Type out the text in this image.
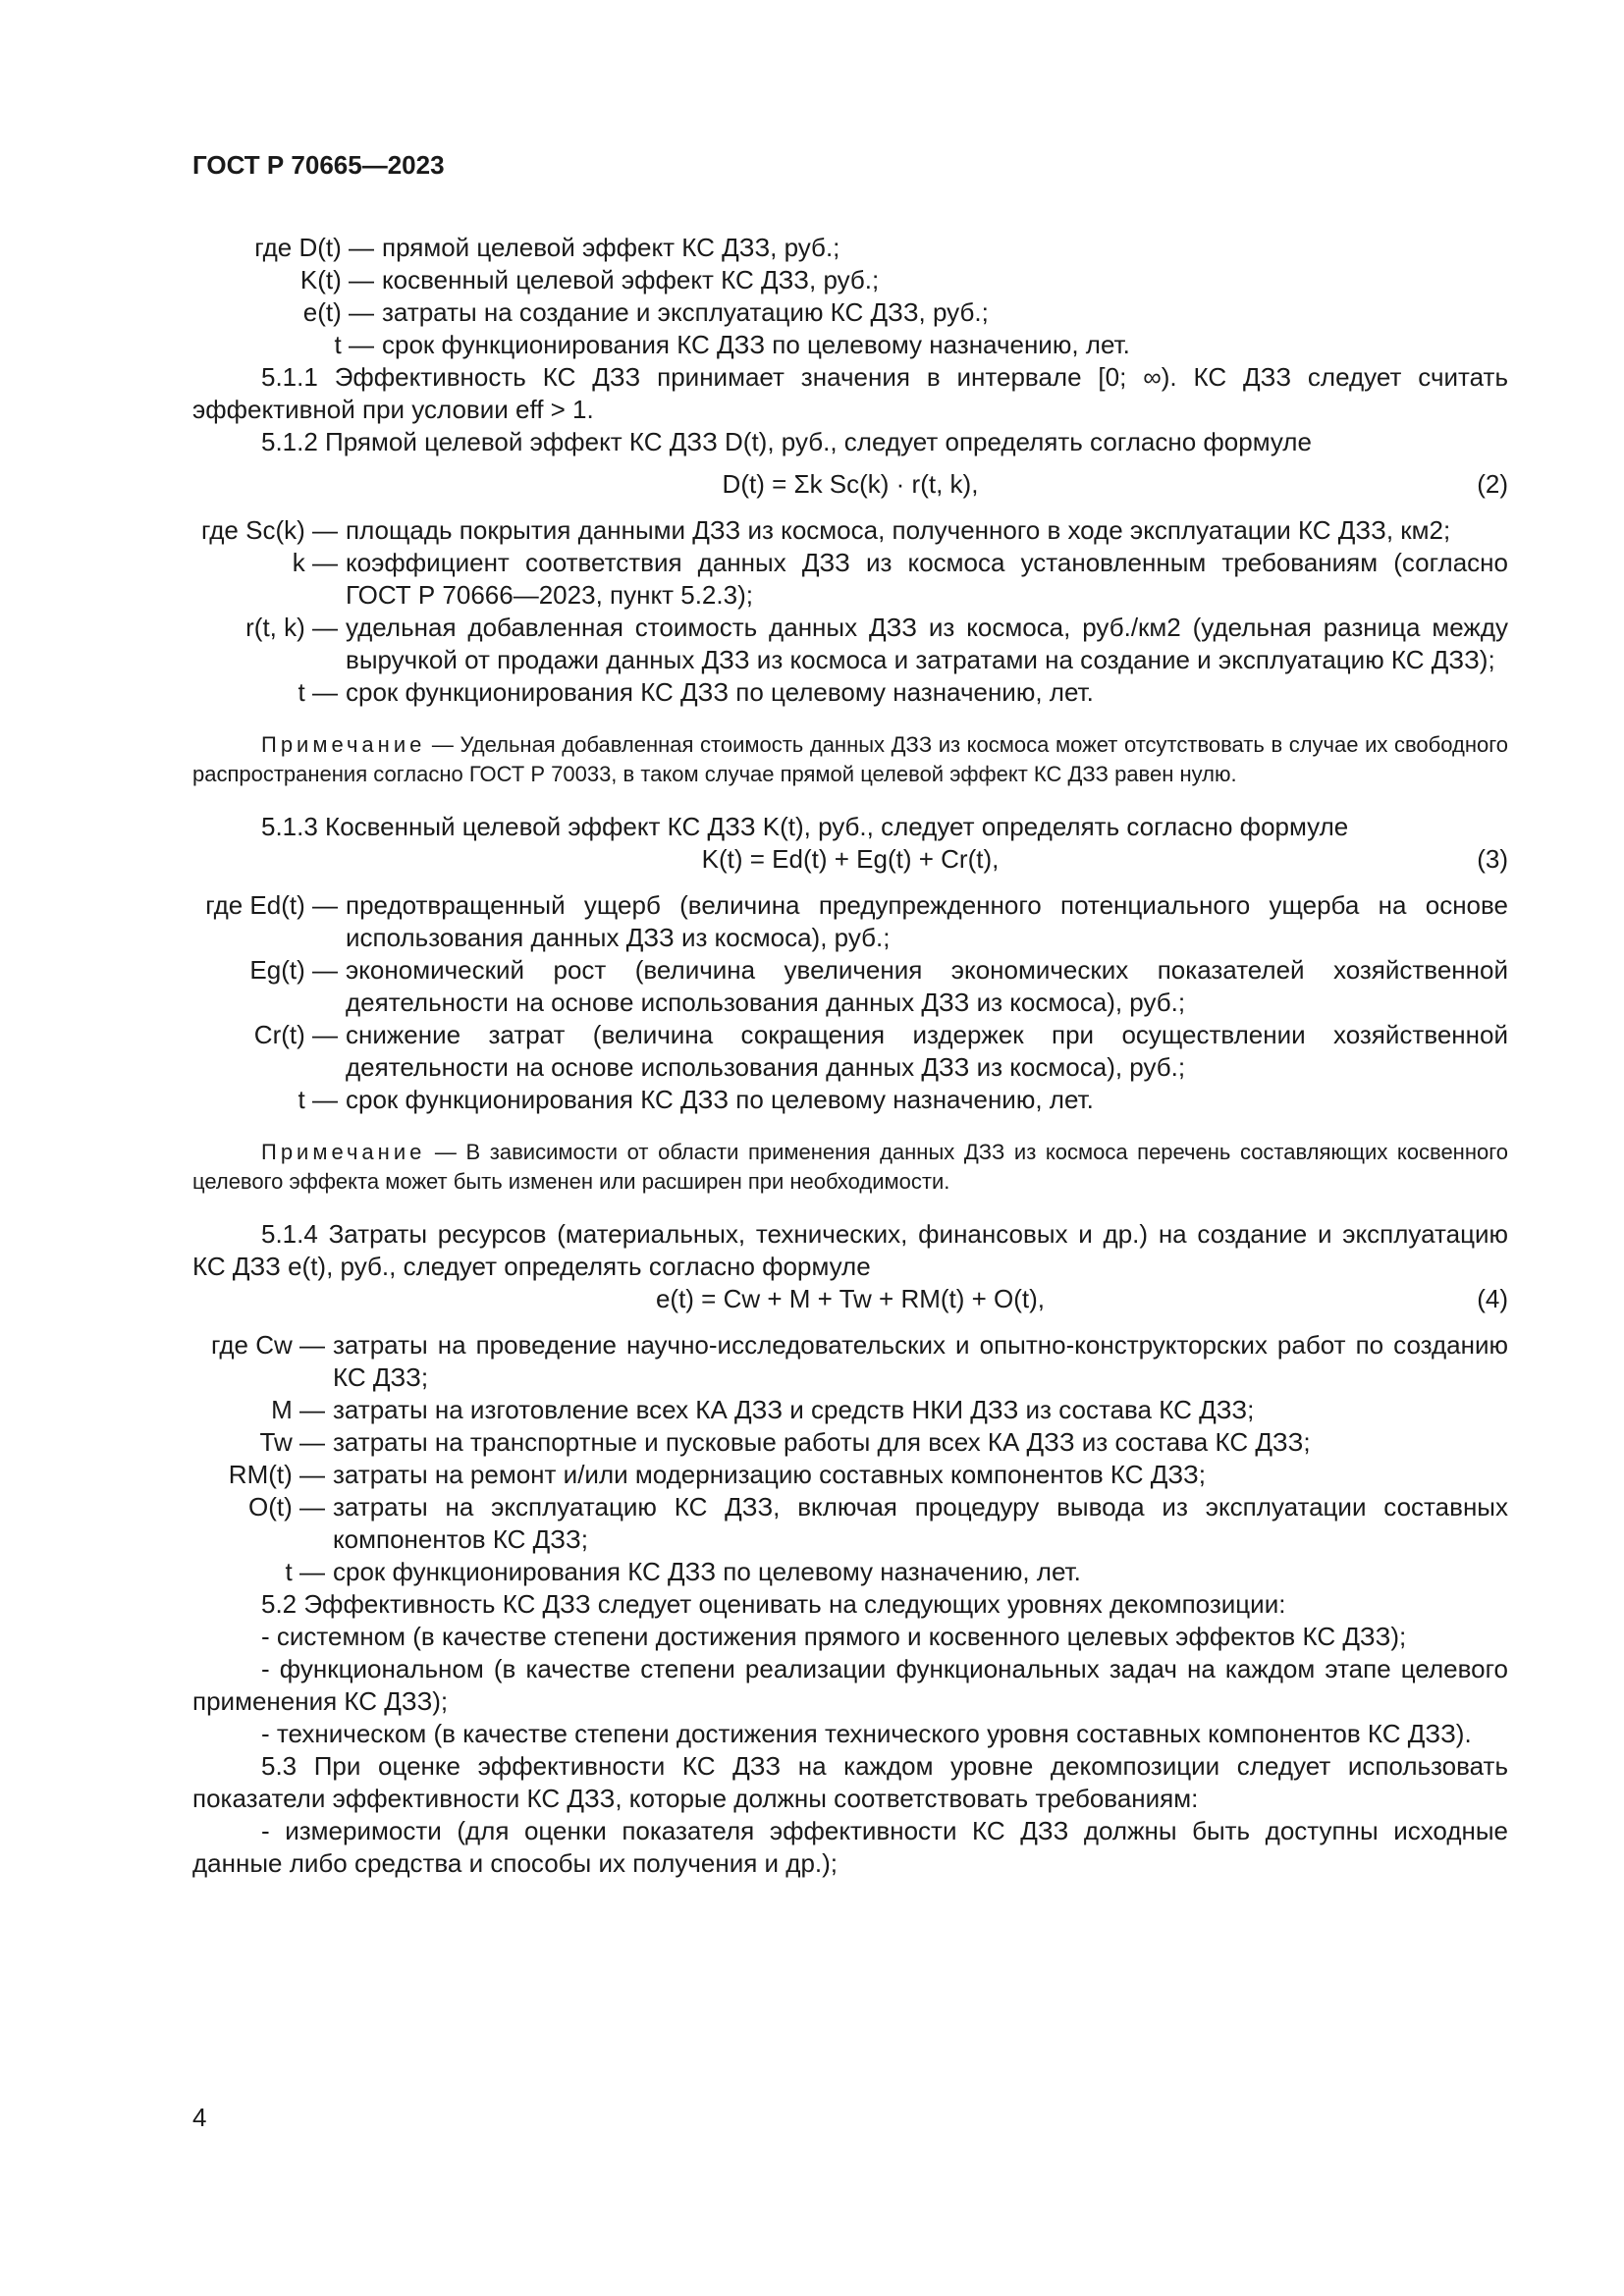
ГОСТ Р 70665—2023
где D(t) — прямой целевой эффект КС ДЗЗ, руб.;
K(t) — косвенный целевой эффект КС ДЗЗ, руб.;
e(t) — затраты на создание и эксплуатацию КС ДЗЗ, руб.;
t — срок функционирования КС ДЗЗ по целевому назначению, лет.

5.1.1 Эффективность КС ДЗЗ принимает значения в интервале [0; ∞). КС ДЗЗ следует считать эффективной при условии eff > 1.

5.1.2 Прямой целевой эффект КС ДЗЗ D(t), руб., следует определять согласно формуле

D(t) = Σk Sc(k) · r(t, k),	(2)
где Sc(k) — площадь покрытия данными ДЗЗ из космоса, полученного в ходе эксплуатации КС ДЗЗ, км2;
k — коэффициент соответствия данных ДЗЗ из космоса установленным требованиям (согласно ГОСТ Р 70666—2023, пункт 5.2.3);
r(t, k) — удельная добавленная стоимость данных ДЗЗ из космоса, руб./км2 (удельная разница между выручкой от продажи данных ДЗЗ из космоса и затратами на создание и эксплуатацию КС ДЗЗ);
t — срок функционирования КС ДЗЗ по целевому назначению, лет.
Примечание — Удельная добавленная стоимость данных ДЗЗ из космоса может отсутствовать в случае их свободного распространения согласно ГОСТ Р 70033, в таком случае прямой целевой эффект КС ДЗЗ равен нулю.

5.1.3 Косвенный целевой эффект КС ДЗЗ K(t), руб., следует определять согласно формуле

K(t) = Ed(t) + Eg(t) + Cr(t),	(3)
где Ed(t) — предотвращенный ущерб (величина предупрежденного потенциального ущерба на основе использования данных ДЗЗ из космоса), руб.;
Eg(t) — экономический рост (величина увеличения экономических показателей хозяйственной деятельности на основе использования данных ДЗЗ из космоса), руб.;
Cr(t) — снижение затрат (величина сокращения издержек при осуществлении хозяйственной деятельности на основе использования данных ДЗЗ из космоса), руб.;
t — срок функционирования КС ДЗЗ по целевому назначению, лет.
Примечание — В зависимости от области применения данных ДЗЗ из космоса перечень составляющих косвенного целевого эффекта может быть изменен или расширен при необходимости.

5.1.4 Затраты ресурсов (материальных, технических, финансовых и др.) на создание и эксплуатацию КС ДЗЗ e(t), руб., следует определять согласно формуле

e(t) = Cw + M + Tw + RM(t) + O(t),	(4)
где Cw — затраты на проведение научно-исследовательских и опытно-конструкторских работ по созданию КС ДЗЗ;
M — затраты на изготовление всех КА ДЗЗ и средств НКИ ДЗЗ из состава КС ДЗЗ;
Tw — затраты на транспортные и пусковые работы для всех КА ДЗЗ из состава КС ДЗЗ;
RM(t) — затраты на ремонт и/или модернизацию составных компонентов КС ДЗЗ;
O(t) — затраты на эксплуатацию КС ДЗЗ, включая процедуру вывода из эксплуатации составных компонентов КС ДЗЗ;
t — срок функционирования КС ДЗЗ по целевому назначению, лет.

5.2 Эффективность КС ДЗЗ следует оценивать на следующих уровнях декомпозиции:

- системном (в качестве степени достижения прямого и косвенного целевых эффектов КС ДЗЗ);

- функциональном (в качестве степени реализации функциональных задач на каждом этапе целевого применения КС ДЗЗ);

- техническом (в качестве степени достижения технического уровня составных компонентов КС ДЗЗ).

5.3 При оценке эффективности КС ДЗЗ на каждом уровне декомпозиции следует использовать показатели эффективности КС ДЗЗ, которые должны соответствовать требованиям:

- измеримости (для оценки показателя эффективности КС ДЗЗ должны быть доступны исходные данные либо средства и способы их получения и др.);

4
